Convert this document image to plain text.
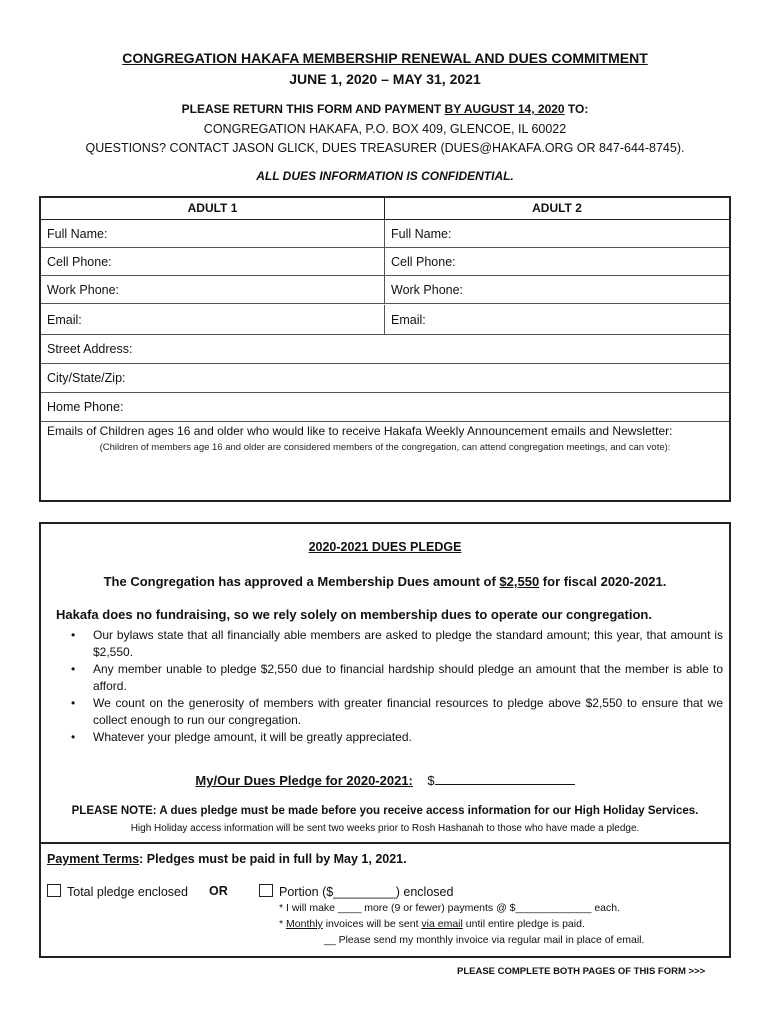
CONGREGATION HAKAFA MEMBERSHIP RENEWAL AND DUES COMMITMENT
JUNE 1, 2020 – MAY 31, 2021
PLEASE RETURN THIS FORM AND PAYMENT BY AUGUST 14, 2020 TO:
CONGREGATION HAKAFA, P.O. BOX 409, GLENCOE, IL 60022
QUESTIONS? CONTACT JASON GLICK, DUES TREASURER (DUES@HAKAFA.ORG OR 847-644-8745).
ALL DUES INFORMATION IS CONFIDENTIAL.
ADULT 1	ADULT 2
Full Name:	Full Name:
Cell Phone:	Cell Phone:
Work Phone:	Work Phone:
Email:	Email:
Street Address:
City/State/Zip:
Home Phone:
Emails of Children ages 16 and older who would like to receive Hakafa Weekly Announcement emails and Newsletter:
(Children of members age 16 and older are considered members of the congregation, can attend congregation meetings, and can vote):
2020-2021 DUES PLEDGE
The Congregation has approved a Membership Dues amount of $2,550 for fiscal 2020-2021.
Hakafa does no fundraising, so we rely solely on membership dues to operate our congregation.
• Our bylaws state that all financially able members are asked to pledge the standard amount; this year, that amount is $2,550.
• Any member unable to pledge $2,550 due to financial hardship should pledge an amount that the member is able to afford.
• We count on the generosity of members with greater financial resources to pledge above $2,550 to ensure that we collect enough to run our congregation.
• Whatever your pledge amount, it will be greatly appreciated.
My/Our Dues Pledge for 2020-2021: $
PLEASE NOTE: A dues pledge must be made before you receive access information for our High Holiday Services.
High Holiday access information will be sent two weeks prior to Rosh Hashanah to those who have made a pledge.
Payment Terms: Pledges must be paid in full by May 1, 2021.
Total pledge enclosed OR	Portion ($_________) enclosed
* I will make ____ more (9 or fewer) payments @ $_____________ each.
* Monthly invoices will be sent via email until entire pledge is paid.
__ Please send my monthly invoice via regular mail in place of email.
PLEASE COMPLETE BOTH PAGES OF THIS FORM >>>
